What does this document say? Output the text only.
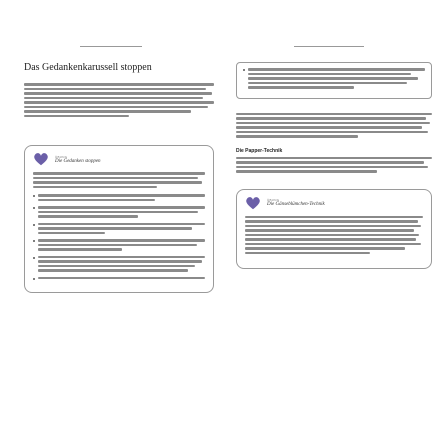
Das Gedankenkarussell stoppen
ÜBUNG
Die Gedanken stoppen
Die Papper-Technik
ÜBUNG
Die Gänseblümchen-Technik
